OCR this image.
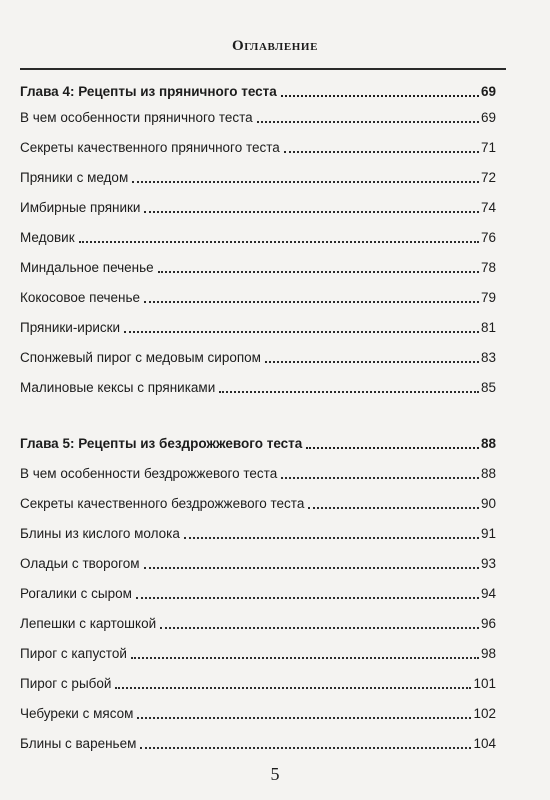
Оглавление
Глава 4: Рецепты из пряничного теста	69
В чем особенности пряничного теста	69
Секреты качественного пряничного теста	71
Пряники с медом	72
Имбирные пряники	74
Медовик	76
Миндальное печенье	78
Кокосовое печенье	79
Пряники-ириски	81
Спонжевый пирог с медовым сиропом	83
Малиновые кексы с пряниками	85
Глава 5: Рецепты из бездрожжевого теста	88
В чем особенности бездрожжевого теста	88
Секреты качественного бездрожжевого теста	90
Блины из кислого молока	91
Оладьи с творогом	93
Рогалики с сыром	94
Лепешки с картошкой	96
Пирог с капустой	98
Пирог с рыбой	101
Чебуреки с мясом	102
Блины с вареньем	104
5
